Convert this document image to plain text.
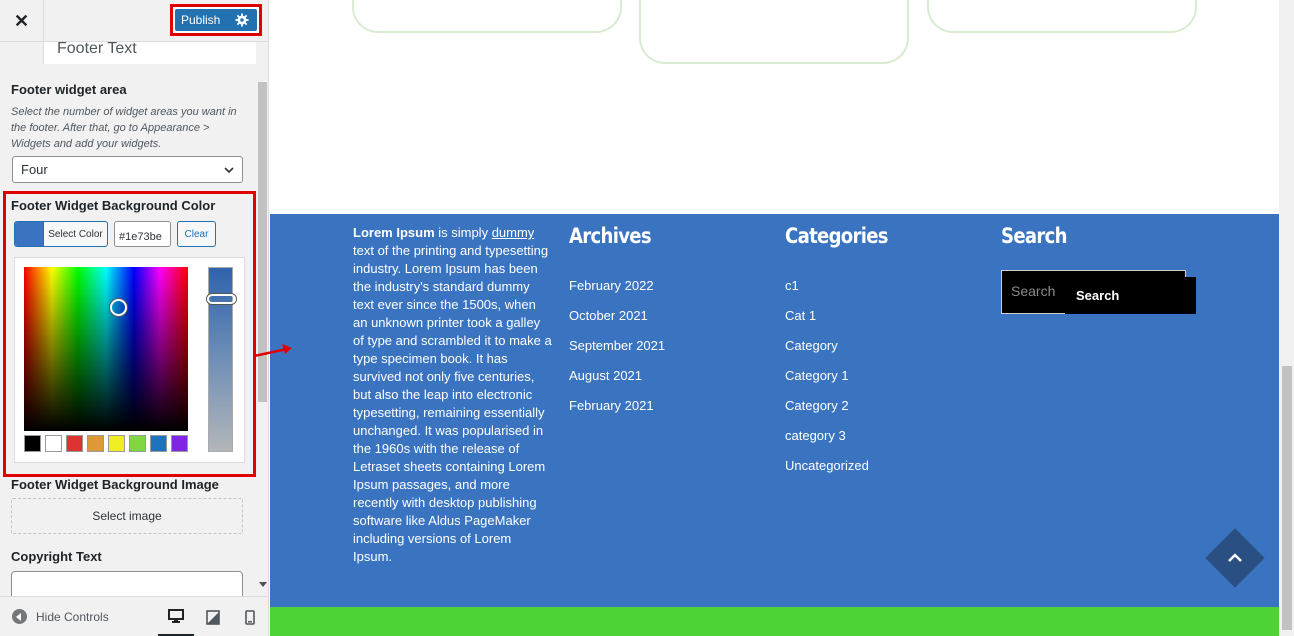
✕	Publish
Footer Text
Footer widget area
Select the number of widget areas you want in the footer. After that, go to Appearance > Widgets and add your widgets.
Four
Footer Widget Background Color
Select Color
#1e73be	Clear
Footer Widget Background Image
Select image
Copyright Text
Hide Controls
Lorem Ipsum is simply dummy text of the printing and typesetting industry. Lorem Ipsum has been the industry's standard dummy text ever since the 1500s, when an unknown printer took a galley of type and scrambled it to make a type specimen book. It has survived not only five centuries, but also the leap into electronic typesetting, remaining essentially unchanged. It was popularised in the 1960s with the release of Letraset sheets containing Lorem Ipsum passages, and more recently with desktop publishing software like Aldus PageMaker including versions of Lorem Ipsum.
Archives
February 2022
October 2021
September 2021
August 2021
February 2021
Categories
c1
Cat 1
Category
Category 1
Category 2
category 3
Uncategorized
Search
Search	Search
